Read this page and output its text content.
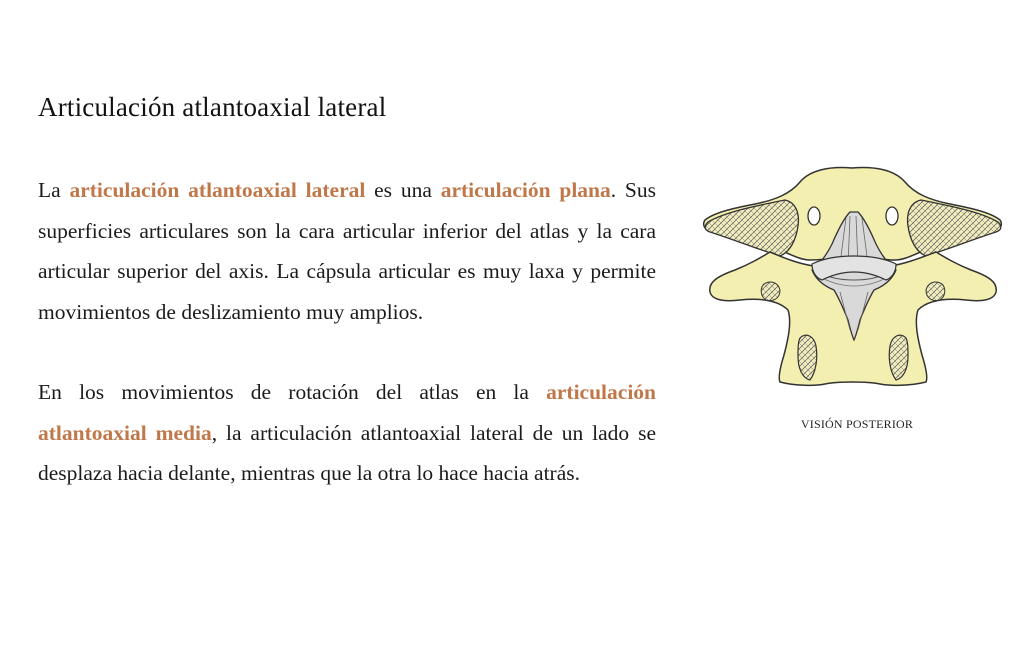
Articulación atlantoaxial lateral

La articulación atlantoaxial lateral es una articulación plana. Sus superficies articulares son la cara articular inferior del atlas y la cara articular superior del axis. La cápsula articular es muy laxa y permite movimientos de deslizamiento muy amplios.

En los movimientos de rotación del atlas en la articulación atlantoaxial media, la articulación atlantoaxial lateral de un lado se desplaza hacia delante, mientras que la otra lo hace hacia atrás.

VISIÓN POSTERIOR
